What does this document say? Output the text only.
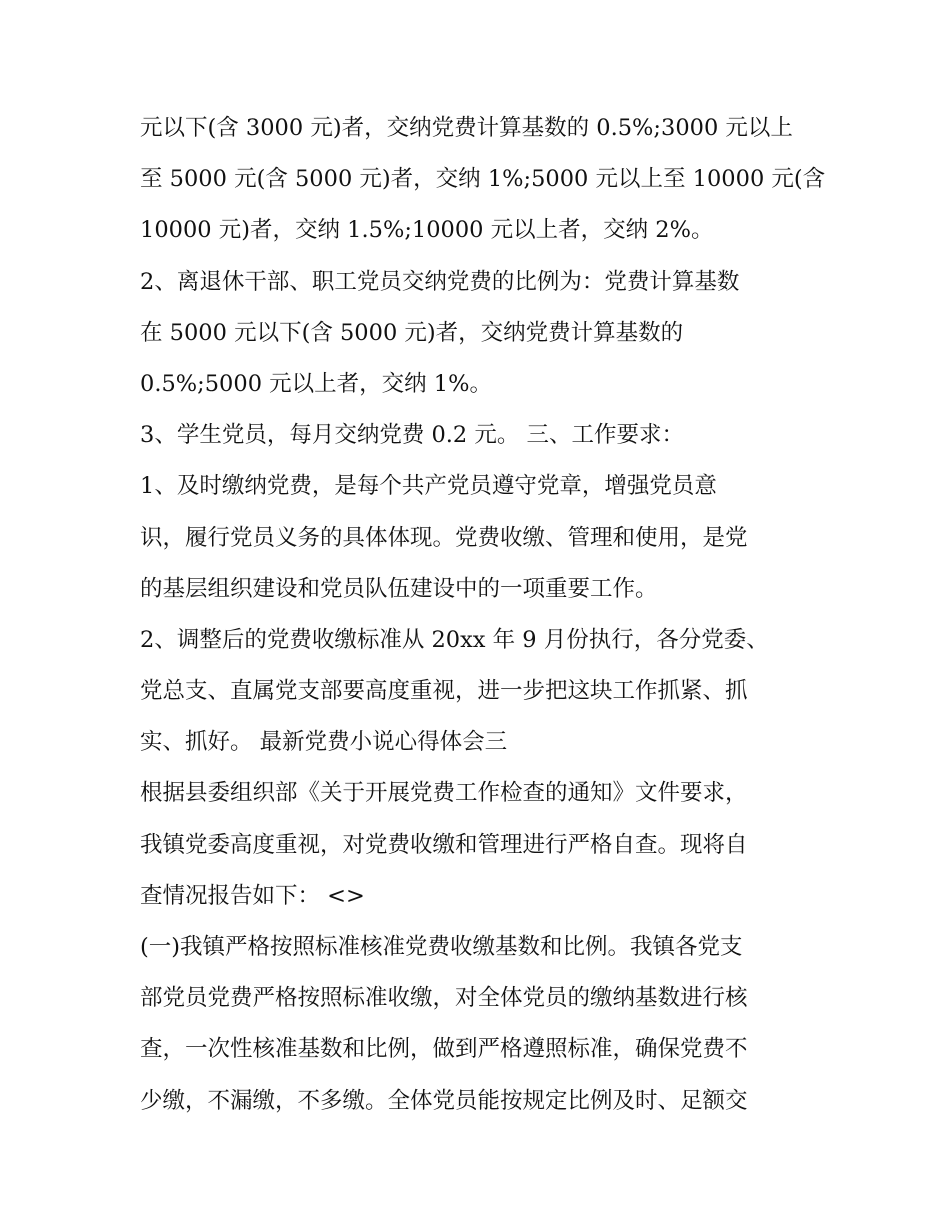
元以下(含 3000 元)者，交纳党费计算基数的 0.5%;3000 元以上
至 5000 元(含 5000 元)者，交纳 1%;5000 元以上至 10000 元(含
10000 元)者，交纳 1.5%;10000 元以上者，交纳 2%。
2、离退休干部、职工党员交纳党费的比例为：党费计算基数
在 5000 元以下(含 5000 元)者，交纳党费计算基数的
0.5%;5000 元以上者，交纳 1%。
3、学生党员，每月交纳党费 0.2 元。 三、工作要求：
1、及时缴纳党费，是每个共产党员遵守党章，增强党员意
识，履行党员义务的具体体现。党费收缴、管理和使用，是党
的基层组织建设和党员队伍建设中的一项重要工作。
2、调整后的党费收缴标准从 20xx 年 9 月份执行，各分党委、
党总支、直属党支部要高度重视，进一步把这块工作抓紧、抓
实、抓好。 最新党费小说心得体会三
根据县委组织部《关于开展党费工作检查的通知》文件要求，
我镇党委高度重视，对党费收缴和管理进行严格自查。现将自
查情况报告如下： <>
(一)我镇严格按照标准核准党费收缴基数和比例。我镇各党支
部党员党费严格按照标准收缴，对全体党员的缴纳基数进行核
查，一次性核准基数和比例，做到严格遵照标准，确保党费不
少缴，不漏缴，不多缴。全体党员能按规定比例及时、足额交
